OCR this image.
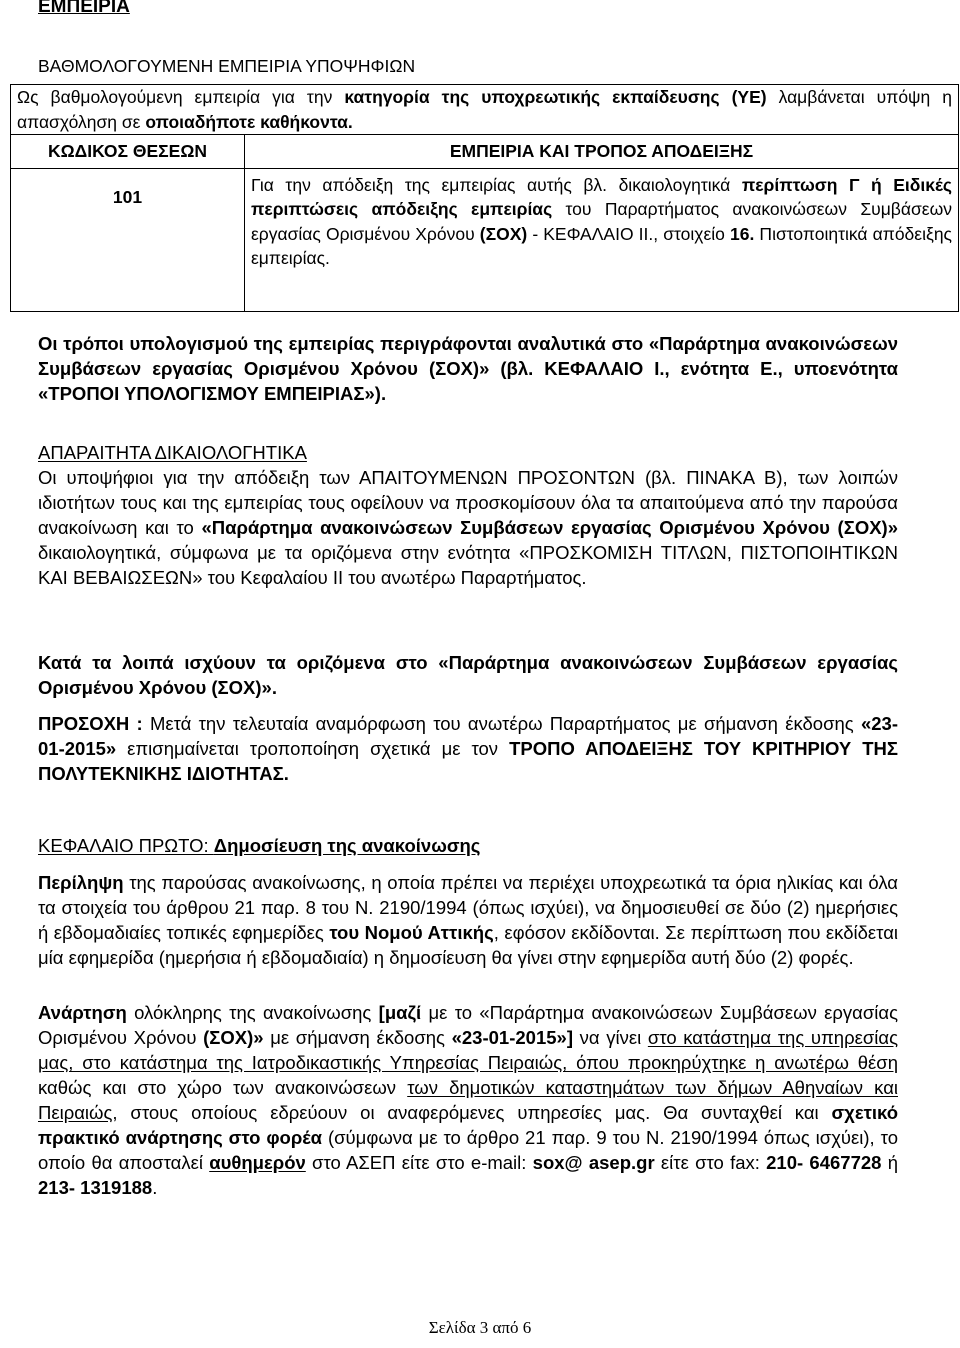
ΕΜΠΕΙΡΙΑ
ΒΑΘΜΟΛΟΓΟΥΜΕΝΗ ΕΜΠΕΙΡΙΑ ΥΠΟΨΗΦΙΩΝ
Ως βαθμολογούμενη εμπειρία για την κατηγορία της υποχρεωτικής εκπαίδευσης (ΥΕ) λαμβάνεται υπόψη η απασχόληση σε οποιαδήποτε καθήκοντα.	
ΚΩΔΙΚΟΣ ΘΕΣΕΩΝ	ΕΜΠΕΙΡΙΑ ΚΑΙ ΤΡΟΠΟΣ ΑΠΟΔΕΙΞΗΣ

101	Για την απόδειξη της εμπειρίας αυτής βλ. δικαιολογητικά περίπτωση Γ ή Ειδικές περιπτώσεις απόδειξης εμπειρίας του Παραρτήματος ανακοινώσεων Συμβάσεων εργασίας Ορισμένου Χρόνου (ΣΟΧ) - ΚΕΦΑΛΑΙΟ ΙΙ., στοιχείο 16. Πιστοποιητικά απόδειξης εμπειρίας.
Οι τρόποι υπολογισμού της εμπειρίας περιγράφονται αναλυτικά στο «Παράρτημα ανακοινώσεων Συμβάσεων εργασίας Ορισμένου Χρόνου (ΣΟΧ)» (βλ. ΚΕΦΑΛΑΙΟ Ι., ενότητα Ε., υποενότητα «ΤΡΟΠΟΙ ΥΠΟΛΟΓΙΣΜΟΥ ΕΜΠΕΙΡΙΑΣ»).
ΑΠΑΡΑΙΤΗΤΑ ΔΙΚΑΙΟΛΟΓΗΤΙΚΑ
Οι υποψήφιοι για την απόδειξη των ΑΠΑΙΤΟΥΜΕΝΩΝ ΠΡΟΣΟΝΤΩΝ (βλ. ΠΙΝΑΚΑ Β), των λοιπών ιδιοτήτων τους και της εμπειρίας τους οφείλουν να προσκομίσουν όλα τα απαιτούμενα από την παρούσα ανακοίνωση και το «Παράρτημα ανακοινώσεων Συμβάσεων εργασίας Ορισμένου Χρόνου (ΣΟΧ)» δικαιολογητικά, σύμφωνα με τα οριζόμενα στην ενότητα «ΠΡΟΣΚΟΜΙΣΗ ΤΙΤΛΩΝ, ΠΙΣΤΟΠΟΙΗΤΙΚΩΝ ΚΑΙ ΒΕΒΑΙΩΣΕΩΝ» του Κεφαλαίου ΙΙ του ανωτέρω Παραρτήματος.
Κατά τα λοιπά ισχύουν τα οριζόμενα στο «Παράρτημα ανακοινώσεων Συμβάσεων εργασίας Ορισμένου Χρόνου (ΣΟΧ)».
ΠΡΟΣΟΧΗ : Μετά την τελευταία αναμόρφωση του ανωτέρω Παραρτήματος με σήμανση έκδοσης «23-01-2015» επισημαίνεται τροποποίηση σχετικά με τον ΤΡΟΠΟ ΑΠΟΔΕΙΞΗΣ ΤΟΥ ΚΡΙΤΗΡΙΟΥ ΤΗΣ ΠΟΛΥΤΕΚΝΙΚΗΣ ΙΔΙΟΤΗΤΑΣ.
ΚΕΦΑΛΑΙΟ ΠΡΩΤΟ: Δημοσίευση της ανακοίνωσης
Περίληψη της παρούσας ανακοίνωσης, η οποία πρέπει να περιέχει υποχρεωτικά τα όρια ηλικίας και όλα τα στοιχεία του άρθρου 21 παρ. 8 του Ν. 2190/1994 (όπως ισχύει), να δημοσιευθεί σε δύο (2) ημερήσιες ή εβδομαδιαίες τοπικές εφημερίδες του Νομού Αττικής, εφόσον εκδίδονται. Σε περίπτωση που εκδίδεται μία εφημερίδα (ημερήσια ή εβδομαδιαία) η δημοσίευση θα γίνει στην εφημερίδα αυτή δύο (2) φορές.
Ανάρτηση ολόκληρης της ανακοίνωσης [μαζί με το «Παράρτημα ανακοινώσεων Συμβάσεων εργασίας Ορισμένου Χρόνου (ΣΟΧ)» με σήμανση έκδοσης «23-01-2015»] να γίνει στο κατάστημα της υπηρεσίας μας, στο κατάστημα της Ιατροδικαστικής Υπηρεσίας Πειραιώς, όπου προκηρύχτηκε η ανωτέρω θέση καθώς και στο χώρο των ανακοινώσεων των δημοτικών καταστημάτων των δήμων Αθηναίων και Πειραιώς, στους οποίους εδρεύουν οι αναφερόμενες υπηρεσίες μας. Θα συνταχθεί και σχετικό πρακτικό ανάρτησης στο φορέα (σύμφωνα με το άρθρο 21 παρ. 9 του Ν. 2190/1994 όπως ισχύει), το οποίο θα αποσταλεί αυθημερόν στο ΑΣΕΠ είτε στο e-mail: sox@ asep.gr είτε στο fax: 210- 6467728 ή 213- 1319188.
Σελίδα 3 από 6
